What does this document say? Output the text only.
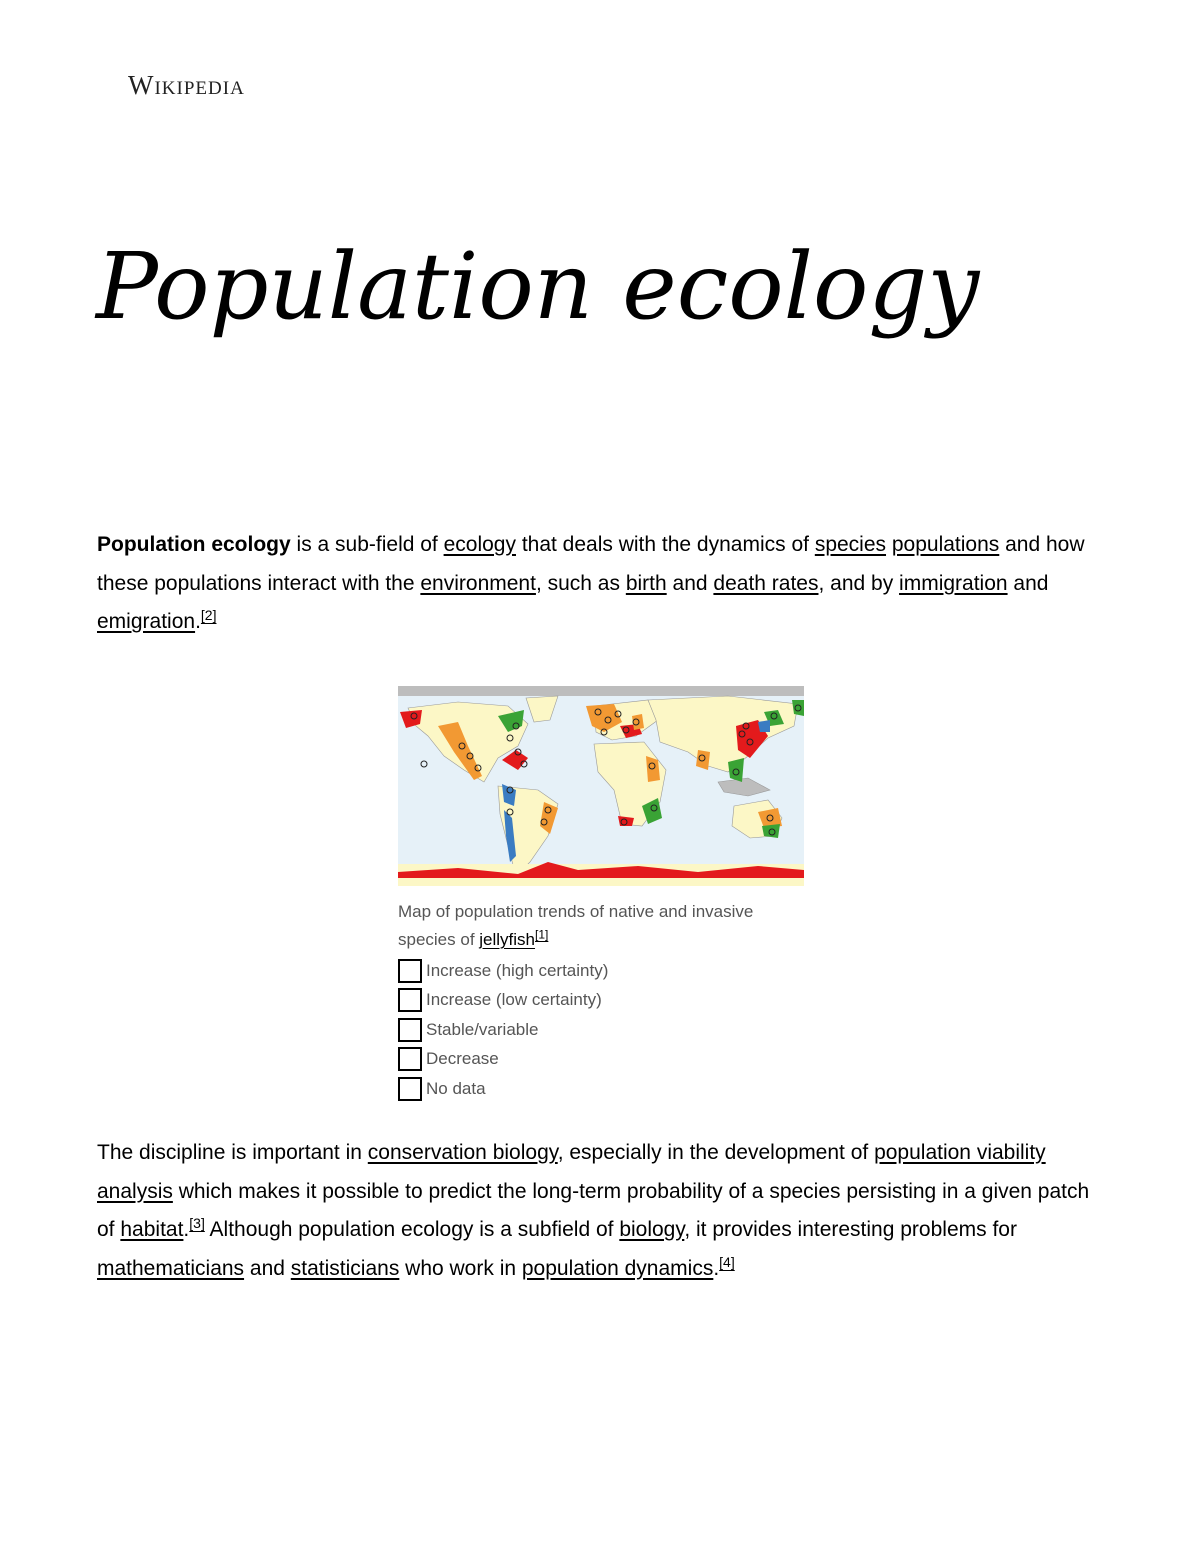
Wikipedia
Population ecology

Population ecology is a sub-field of ecology that deals with the dynamics of species populations and how these populations interact with the environment, such as birth and death rates, and by immigration and emigration.[2]

Map of population trends of native and invasive species of jellyfish[1]
Increase (high certainty)
Increase (low certainty)
Stable/variable
Decrease
No data

The discipline is important in conservation biology, especially in the development of population viability analysis which makes it possible to predict the long-term probability of a species persisting in a given patch of habitat.[3] Although population ecology is a subfield of biology, it provides interesting problems for mathematicians and statisticians who work in population dynamics.[4]
